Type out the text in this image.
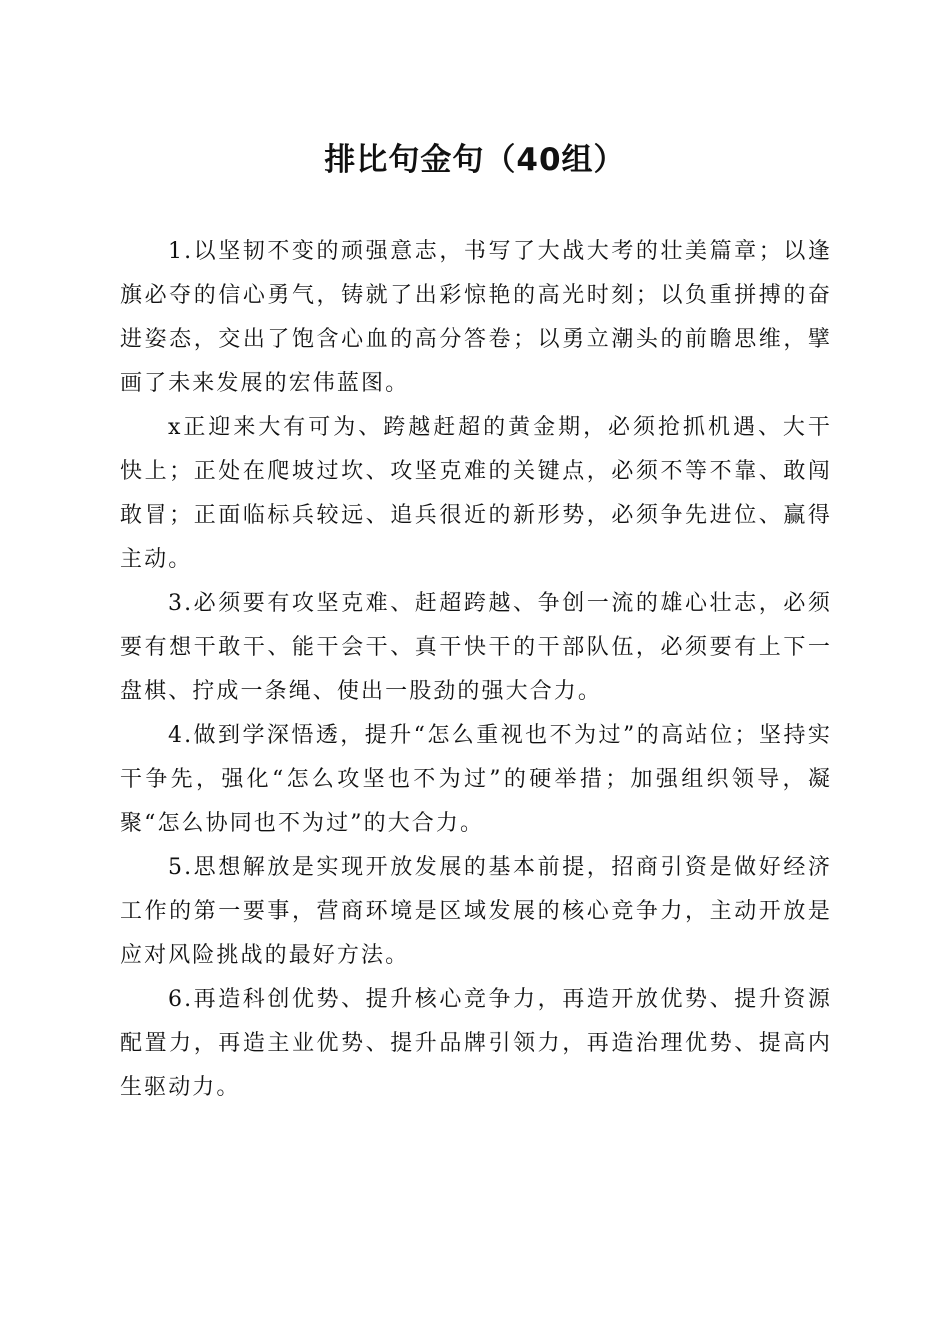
排比句金句（40组）

1.以坚韧不变的顽强意志，书写了大战大考的壮美篇章；以逢旗必夺的信心勇气，铸就了出彩惊艳的高光时刻；以负重拼搏的奋进姿态，交出了饱含心血的高分答卷；以勇立潮头的前瞻思维，擘画了未来发展的宏伟蓝图。

x正迎来大有可为、跨越赶超的黄金期，必须抢抓机遇、大干快上；正处在爬坡过坎、攻坚克难的关键点，必须不等不靠、敢闯敢冒；正面临标兵较远、追兵很近的新形势，必须争先进位、赢得主动。

3.必须要有攻坚克难、赶超跨越、争创一流的雄心壮志，必须要有想干敢干、能干会干、真干快干的干部队伍，必须要有上下一盘棋、拧成一条绳、使出一股劲的强大合力。

4.做到学深悟透，提升“怎么重视也不为过”的高站位；坚持实干争先，强化“怎么攻坚也不为过”的硬举措；加强组织领导，凝聚“怎么协同也不为过”的大合力。

5.思想解放是实现开放发展的基本前提，招商引资是做好经济工作的第一要事，营商环境是区域发展的核心竞争力，主动开放是应对风险挑战的最好方法。

6.再造科创优势、提升核心竞争力，再造开放优势、提升资源配置力，再造主业优势、提升品牌引领力，再造治理优势、提高内生驱动力。
